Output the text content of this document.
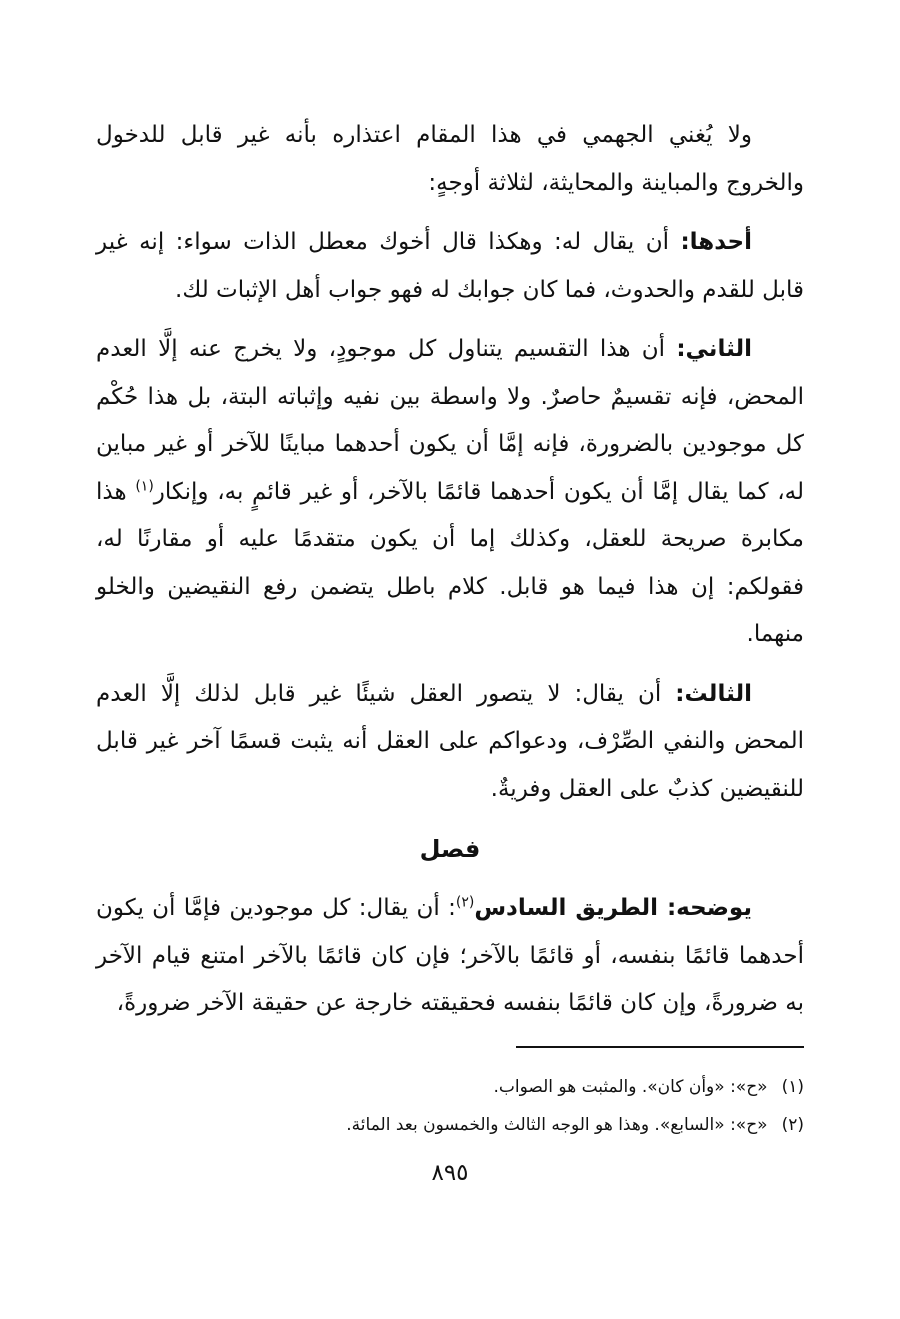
ولا يُغني الجهمي في هذا المقام اعتذاره بأنه غير قابل للدخول والخروج والمباينة والمحايثة، لثلاثة أوجهٍ:

أحدها: أن يقال له: وهكذا قال أخوك معطل الذات سواء: إنه غير قابل للقدم والحدوث، فما كان جوابك له فهو جواب أهل الإثبات لك.

الثاني: أن هذا التقسيم يتناول كل موجودٍ، ولا يخرج عنه إلَّا العدم المحض، فإنه تقسيمٌ حاصرٌ. ولا واسطة بين نفيه وإثباته البتة، بل هذا حُكْم كل موجودين بالضرورة، فإنه إمَّا أن يكون أحدهما مباينًا للآخر أو غير مباين له، كما يقال إمَّا أن يكون أحدهما قائمًا بالآخر، أو غير قائمٍ به، وإنكار$^{(١)}$ هذا مكابرة صريحة للعقل، وكذلك إما أن يكون متقدمًا عليه أو مقارنًا له، فقولكم: إن هذا فيما هو قابل. كلام باطل يتضمن رفع النقيضين والخلو منهما.

الثالث: أن يقال: لا يتصور العقل شيئًا غير قابل لذلك إلَّا العدم المحض والنفي الصِّرْف، ودعواكم على العقل أنه يثبت قسمًا آخر غير قابل للنقيضين كذبٌ على العقل وفريةٌ.

فصل

يوضحه: الطريق السادس$^{(٢)}$: أن يقال: كل موجودين فإمَّا أن يكون أحدهما قائمًا بنفسه، أو قائمًا بالآخر؛ فإن كان قائمًا بالآخر امتنع قيام الآخر به ضرورةً، وإن كان قائمًا بنفسه فحقيقته خارجة عن حقيقة الآخر ضرورةً،

(١)«ح»: «وأن كان». والمثبت هو الصواب.

(٢)«ح»: «السابع». وهذا هو الوجه الثالث والخمسون بعد المائة.

٨٩٥
